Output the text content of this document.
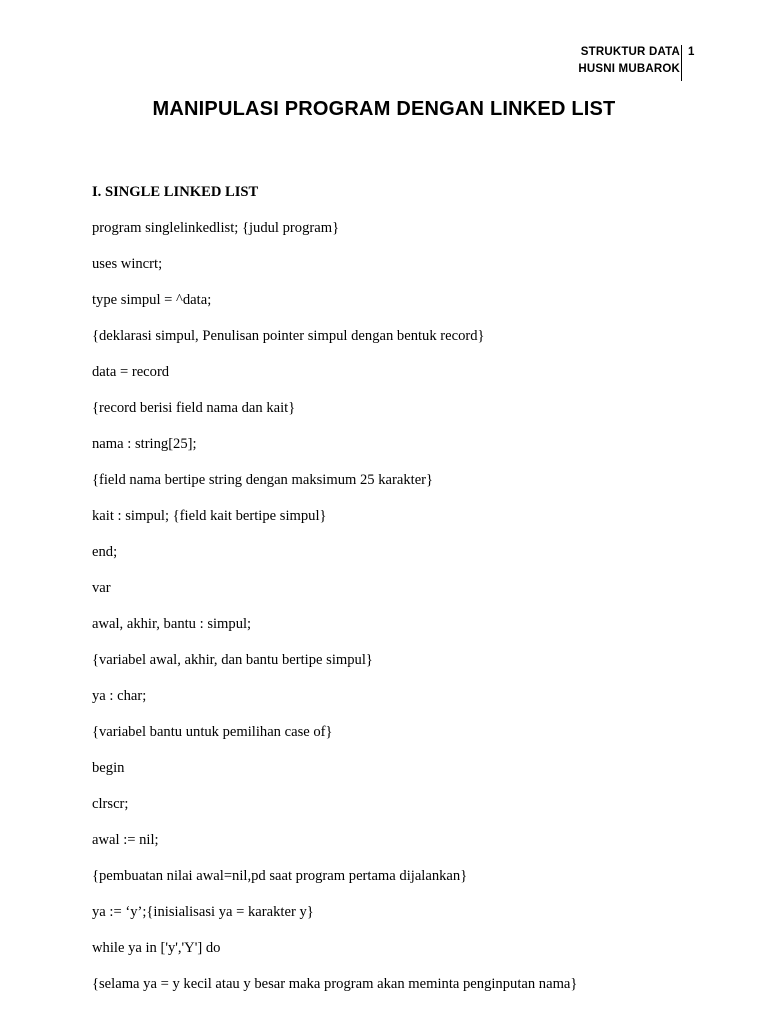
STRUKTUR DATA
HUSNI MUBAROK
1
MANIPULASI PROGRAM DENGAN LINKED LIST
I. SINGLE LINKED LIST

program singlelinkedlist; {judul program}

uses wincrt;

type simpul = ^data;

{deklarasi simpul, Penulisan pointer simpul dengan bentuk record}

data = record

{record berisi field nama dan kait}

nama : string[25];

{field nama bertipe string dengan maksimum 25 karakter}

kait : simpul; {field kait bertipe simpul}

end;

var

awal, akhir, bantu : simpul;

{variabel awal, akhir, dan bantu bertipe simpul}

ya : char;

{variabel bantu untuk pemilihan case of}

begin

clrscr;

awal := nil;

{pembuatan nilai awal=nil,pd saat program pertama dijalankan}

ya := ‘y’;{inisialisasi ya = karakter y}

while ya in ['y','Y'] do

{selama ya = y kecil atau y besar maka program akan meminta penginputan nama}
